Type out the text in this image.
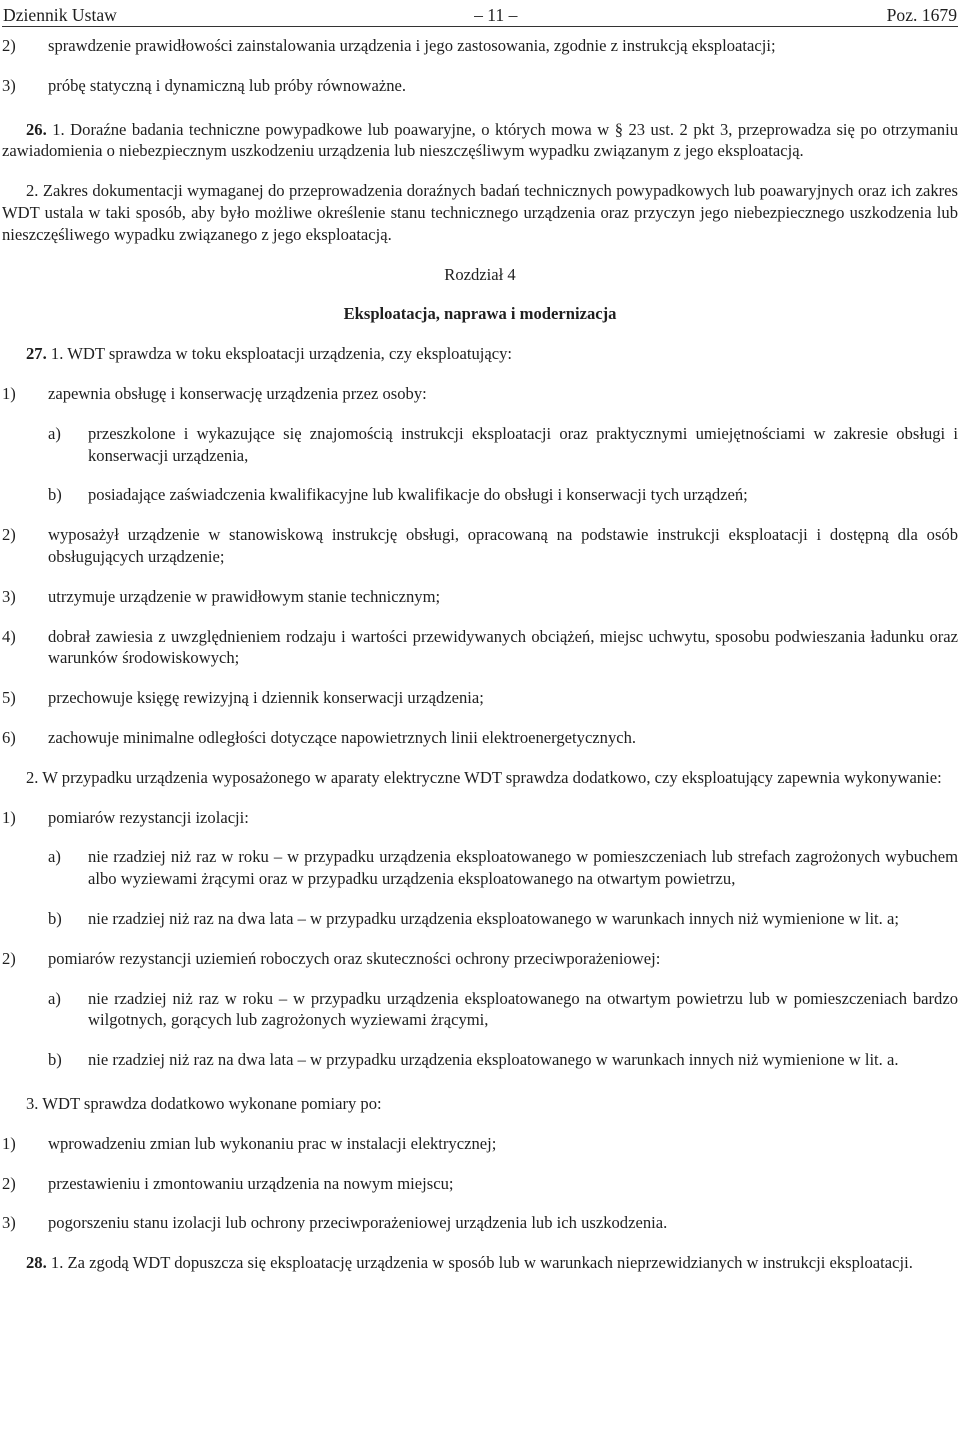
Dziennik Ustaw	– 11 –	Poz. 1679
2)	sprawdzenie prawidłowości zainstalowania urządzenia i jego zastosowania, zgodnie z instrukcją eksploatacji;
3)	próbę statyczną i dynamiczną lub próby równoważne.

26. 1. Doraźne badania techniczne powypadkowe lub poawaryjne, o których mowa w § 23 ust. 2 pkt 3, przeprowadza się po otrzymaniu zawiadomienia o niebezpiecznym uszkodzeniu urządzenia lub nieszczęśliwym wypadku związanym z jego eksploatacją.

2. Zakres dokumentacji wymaganej do przeprowadzenia doraźnych badań technicznych powypadkowych lub poawaryjnych oraz ich zakres WDT ustala w taki sposób, aby było możliwe określenie stanu technicznego urządzenia oraz przyczyn jego niebezpiecznego uszkodzenia lub nieszczęśliwego wypadku związanego z jego eksploatacją.

Rozdział 4

Eksploatacja, naprawa i modernizacja

27. 1. WDT sprawdza w toku eksploatacji urządzenia, czy eksploatujący:

1)	zapewnia obsługę i konserwację urządzenia przez osoby:
a)	przeszkolone i wykazujące się znajomością instrukcji eksploatacji oraz praktycznymi umiejętnościami w zakresie obsługi i konserwacji urządzenia,
b)	posiadające zaświadczenia kwalifikacyjne lub kwalifikacje do obsługi i konserwacji tych urządzeń;
2)	wyposażył urządzenie w stanowiskową instrukcję obsługi, opracowaną na podstawie instrukcji eksploatacji i dostępną dla osób obsługujących urządzenie;
3)	utrzymuje urządzenie w prawidłowym stanie technicznym;
4)	dobrał zawiesia z uwzględnieniem rodzaju i wartości przewidywanych obciążeń, miejsc uchwytu, sposobu podwieszania ładunku oraz warunków środowiskowych;
5)	przechowuje księgę rewizyjną i dziennik konserwacji urządzenia;
6)	zachowuje minimalne odległości dotyczące napowietrznych linii elektroenergetycznych.

2. W przypadku urządzenia wyposażonego w aparaty elektryczne WDT sprawdza dodatkowo, czy eksploatujący zapewnia wykonywanie:

1)	pomiarów rezystancji izolacji:
a)	nie rzadziej niż raz w roku – w przypadku urządzenia eksploatowanego w pomieszczeniach lub strefach zagrożonych wybuchem albo wyziewami żrącymi oraz w przypadku urządzenia eksploatowanego na otwartym powietrzu,
b)	nie rzadziej niż raz na dwa lata – w przypadku urządzenia eksploatowanego w warunkach innych niż wymienione w lit. a;
2)	pomiarów rezystancji uziemień roboczych oraz skuteczności ochrony przeciwporażeniowej:
a)	nie rzadziej niż raz w roku – w przypadku urządzenia eksploatowanego na otwartym powietrzu lub w pomieszczeniach bardzo wilgotnych, gorących lub zagrożonych wyziewami żrącymi,
b)	nie rzadziej niż raz na dwa lata – w przypadku urządzenia eksploatowanego w warunkach innych niż wymienione w lit. a.

3. WDT sprawdza dodatkowo wykonane pomiary po:

1)	wprowadzeniu zmian lub wykonaniu prac w instalacji elektrycznej;
2)	przestawieniu i zmontowaniu urządzenia na nowym miejscu;
3)	pogorszeniu stanu izolacji lub ochrony przeciwporażeniowej urządzenia lub ich uszkodzenia.

28. 1. Za zgodą WDT dopuszcza się eksploatację urządzenia w sposób lub w warunkach nieprzewidzianych w instrukcji eksploatacji.
